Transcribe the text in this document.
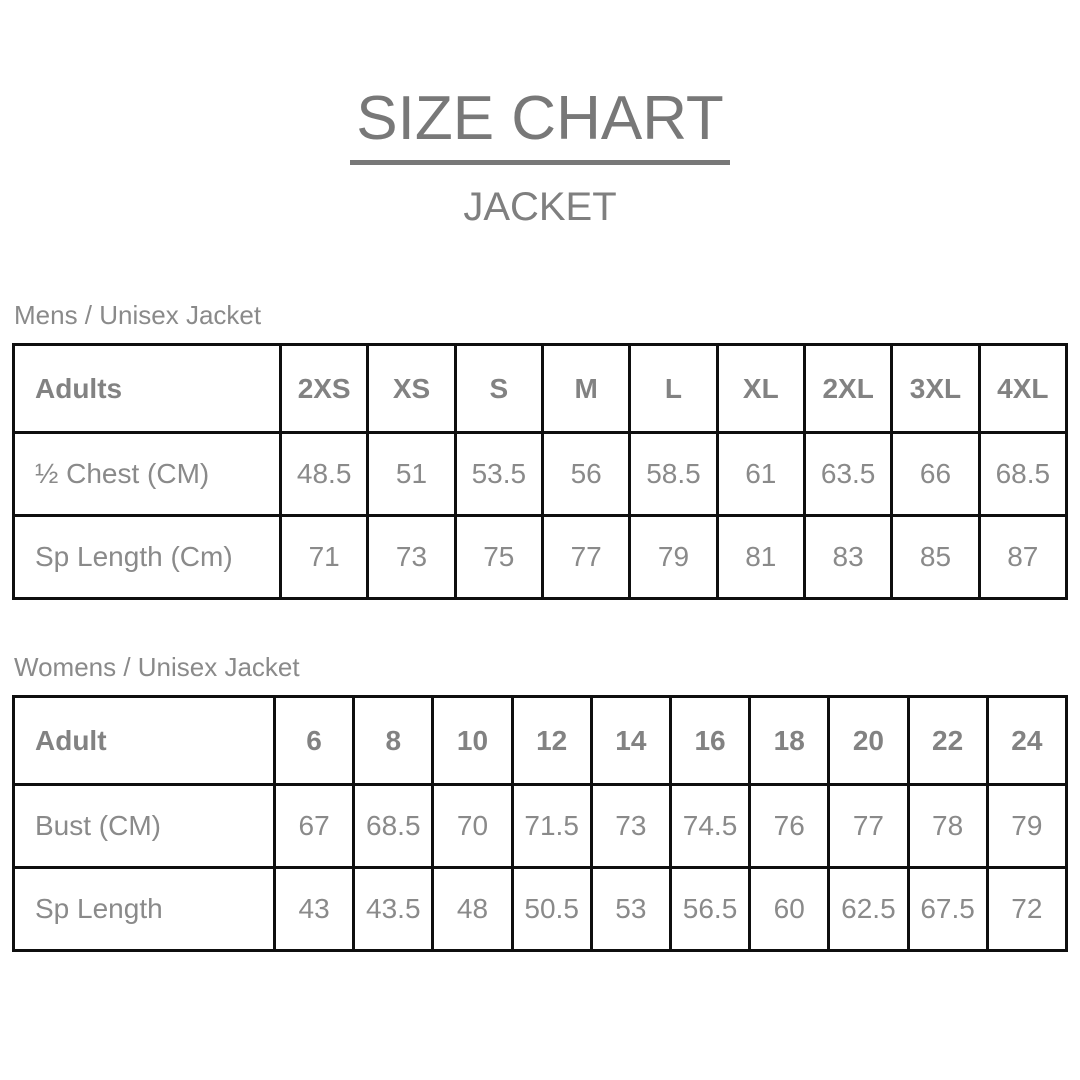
SIZE CHART
JACKET
Mens / Unisex Jacket
Adults	2XS	XS	S	M	L	XL	2XL	3XL	4XL
½ Chest (CM)	48.5	51	53.5	56	58.5	61	63.5	66	68.5
Sp Length (Cm)	71	73	75	77	79	81	83	85	87
Womens / Unisex Jacket
Adult	6	8	10	12	14	16	18	20	22	24
Bust (CM)	67	68.5	70	71.5	73	74.5	76	77	78	79
Sp Length	43	43.5	48	50.5	53	56.5	60	62.5	67.5	72
